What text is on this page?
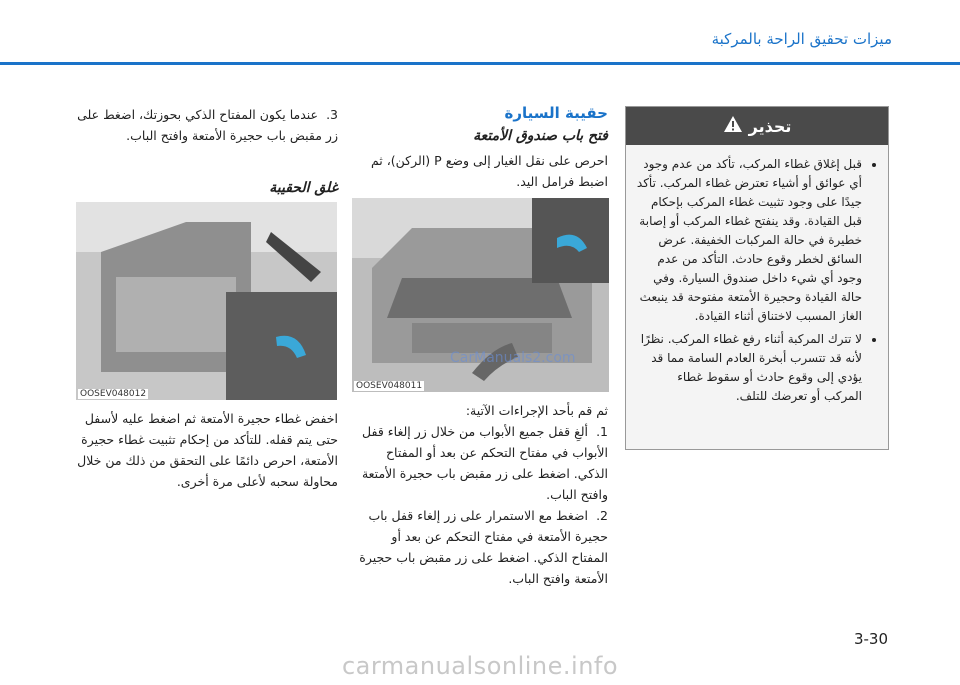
ميزات تحقيق الراحة بالمركبة
تحذير
• قبل إغلاق غطاء المركب، تأكد من عدم وجود أي عوائق أو أشياء تعترض غطاء المركب. تأكد جيدًا على وجود تثبيت غطاء المركب بإحكام قبل القيادة. وقد ينفتح غطاء المركب أو إصابة خطيرة في حالة المركبات الخفيفة. عرض السائق لخطر وقوع حادث. التأكد من عدم وجود أي شيء داخل صندوق السيارة. وفي حالة القيادة وحجيرة الأمتعة مفتوحة قد ينبعث الغاز المسبب لاختناق أثناء القيادة.
• لا تترك المركبة أثناء رفع غطاء المركب. نظرًا لأنه قد تتسرب أبخرة العادم السامة مما قد يؤدي إلى وقوع حادث أو سقوط غطاء المركب أو تعرضك للتلف.
حقيبة السيارة
فتح باب صندوق الأمتعة
احرص على نقل الغيار إلى وضع P (الركن)، ثم اضبط فرامل اليد.
OOSEV048011
ثم قم بأحد الإجراءات الآتية:
1. ألغِ قفل جميع الأبواب من خلال زر إلغاء قفل الأبواب في مفتاح التحكم عن بعد أو المفتاح الذكي. اضغط على زر مقبض باب حجيرة الأمتعة وافتح الباب.
2. اضغط مع الاستمرار على زر إلغاء قفل باب حجيرة الأمتعة في مفتاح التحكم عن بعد أو المفتاح الذكي. اضغط على زر مقبض باب حجيرة الأمتعة وافتح الباب.
3. عندما يكون المفتاح الذكي بحوزتك، اضغط على زر مقبض باب حجيرة الأمتعة وافتح الباب.
غلق الحقيبة
OOSEV048012
اخفض غطاء حجيرة الأمتعة ثم اضغط عليه لأسفل حتى يتم قفله. للتأكد من إحكام تثبيت غطاء حجيرة الأمتعة، احرص دائمًا على التحقق من ذلك من خلال محاولة سحبه لأعلى مرة أخرى.
CarManuals2.com
3-30
carmanualsonline.info
